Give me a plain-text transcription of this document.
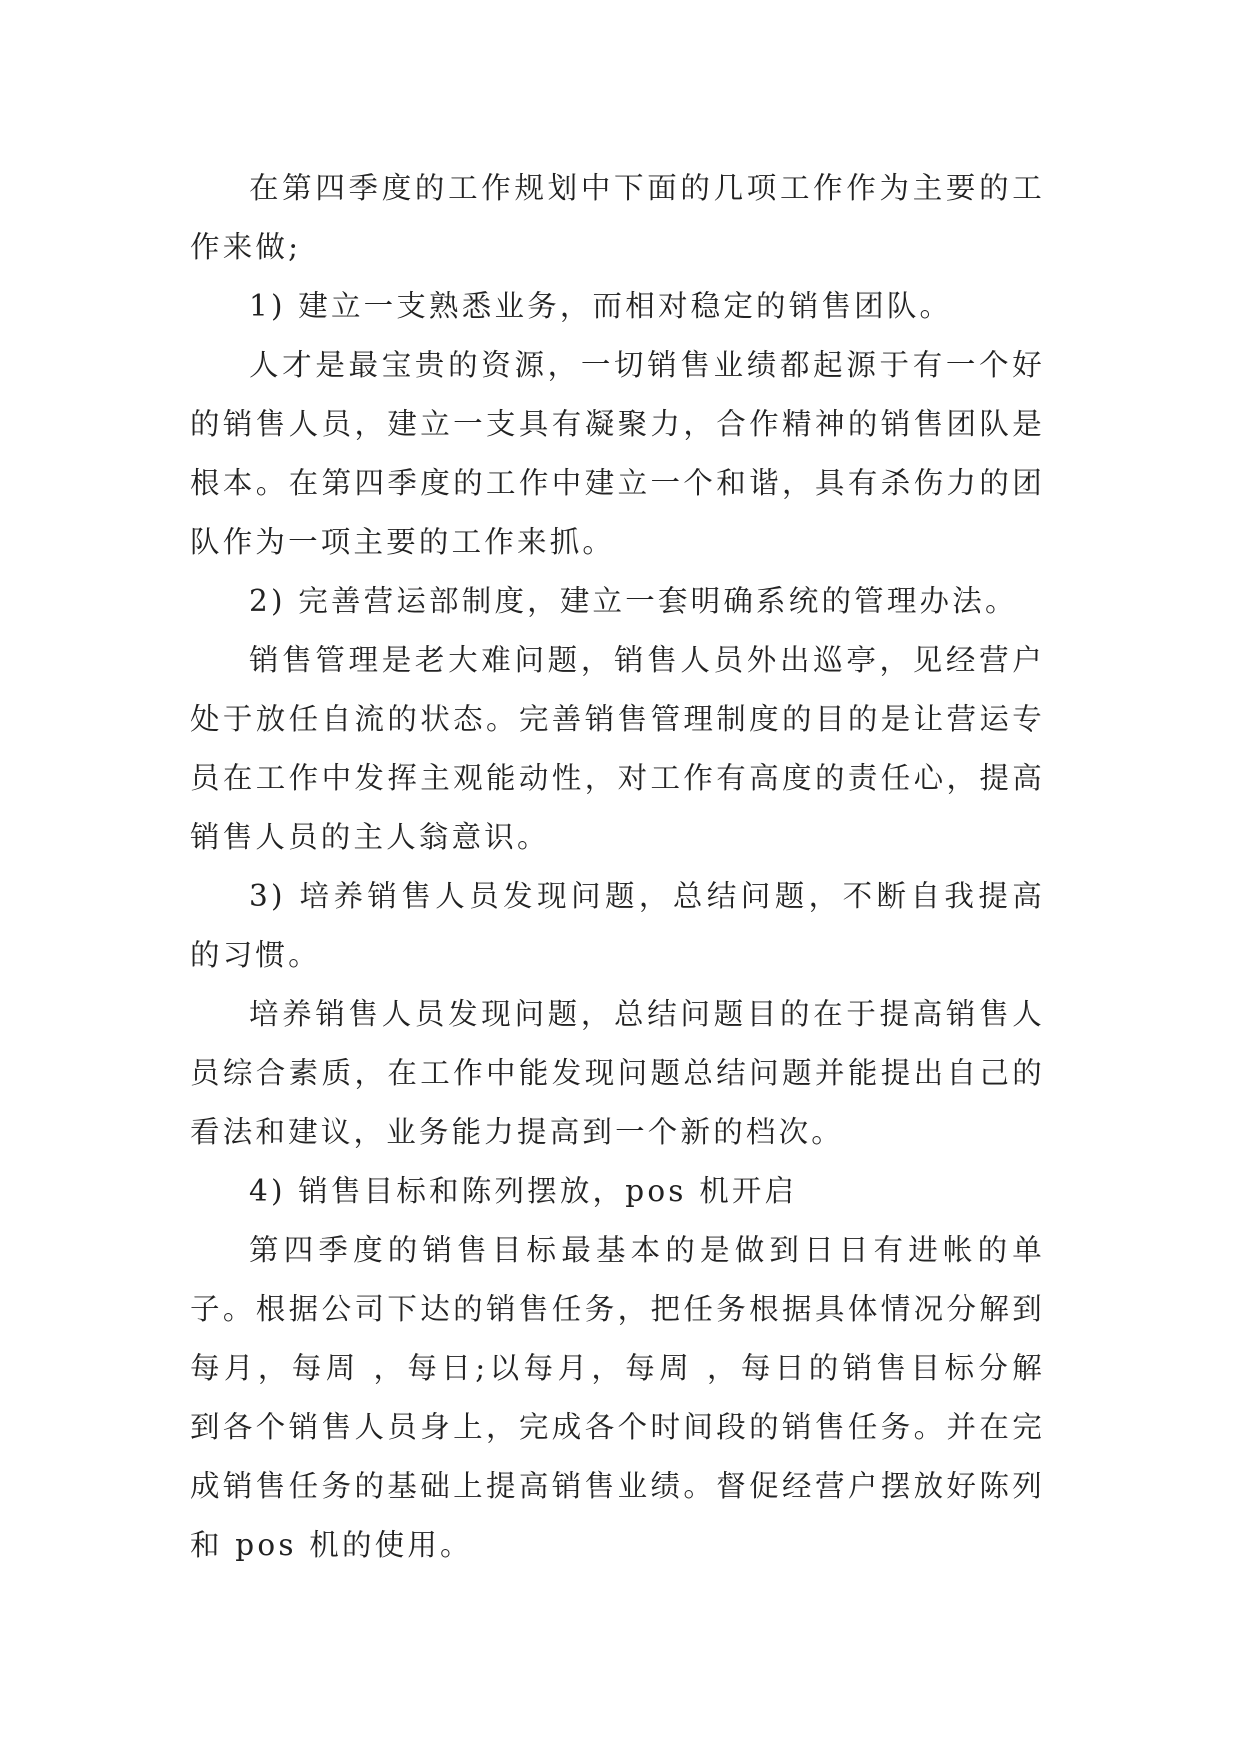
在第四季度的工作规划中下面的几项工作作为主要的工作来做;

1) 建立一支熟悉业务，而相对稳定的销售团队。

人才是最宝贵的资源，一切销售业绩都起源于有一个好的销售人员，建立一支具有凝聚力，合作精神的销售团队是根本。在第四季度的工作中建立一个和谐，具有杀伤力的团队作为一项主要的工作来抓。

2) 完善营运部制度，建立一套明确系统的管理办法。

销售管理是老大难问题，销售人员外出巡亭，见经营户处于放任自流的状态。完善销售管理制度的目的是让营运专员在工作中发挥主观能动性，对工作有高度的责任心，提高销售人员的主人翁意识。

3) 培养销售人员发现问题，总结问题，不断自我提高的习惯。

培养销售人员发现问题，总结问题目的在于提高销售人员综合素质，在工作中能发现问题总结问题并能提出自己的看法和建议，业务能力提高到一个新的档次。

4) 销售目标和陈列摆放，pos 机开启

第四季度的销售目标最基本的是做到日日有进帐的单子。根据公司下达的销售任务，把任务根据具体情况分解到每月，每周 ，每日;以每月，每周 ，每日的销售目标分解到各个销售人员身上，完成各个时间段的销售任务。并在完成销售任务的基础上提高销售业绩。督促经营户摆放好陈列和 pos 机的使用。
